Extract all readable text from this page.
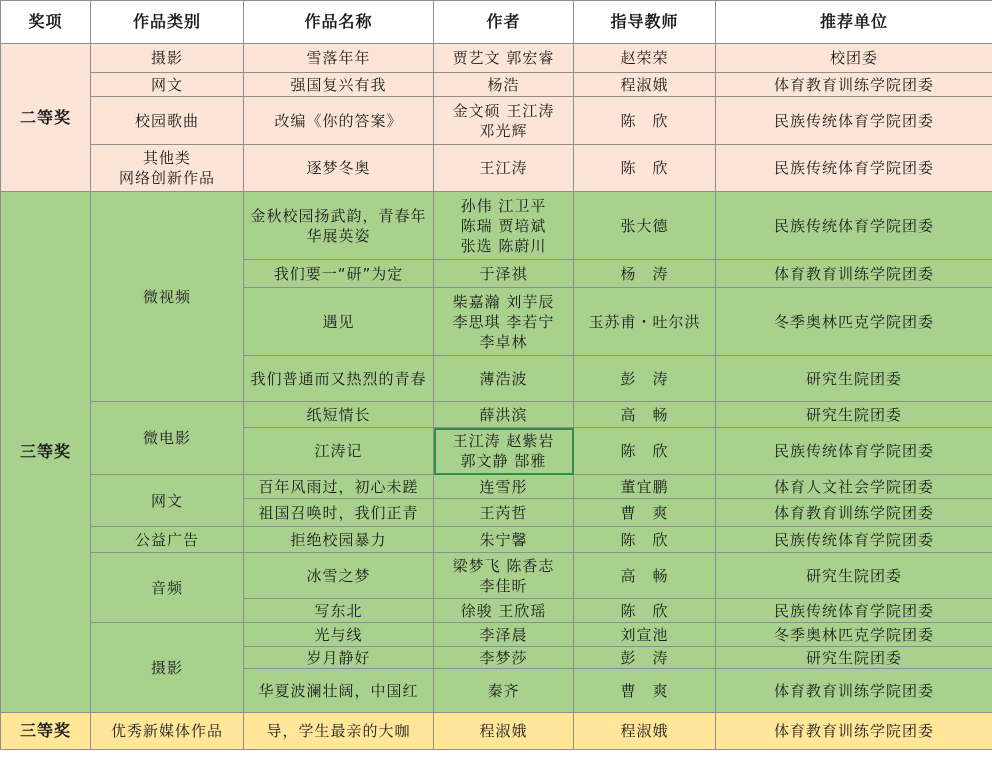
奖项	作品类别	作品名称	作者	指导教师	推荐单位

二等奖	摄影	雪落年年	贾艺文 郭宏睿	赵荣荣	校团委

	网文	强国复兴有我	杨浩	程淑娥	体育教育训练学院团委

	校园歌曲	改编《你的答案》	金文硕 王江涛
邓光辉	陈　欣	民族传统体育学院团委

	其他类
网络创新作品	逐梦冬奥	王江涛	陈　欣	民族传统体育学院团委

三等奖	微视频	金秋校园扬武韵，青春年华展英姿	孙伟 江卫平
陈瑞 贾培斌
张选 陈蔚川	张大德	民族传统体育学院团委

		我们要一“研”为定	于泽祺	杨　涛	体育教育训练学院团委

		遇见	柴嘉瀚 刘芋辰
李思琪 李若宁
李卓林	玉苏甫・吐尔洪	冬季奥林匹克学院团委

		我们普通而又热烈的青春	薄浩波	彭　涛	研究生院团委

	微电影	纸短情长	薛洪滨	高　畅	研究生院团委

		江涛记	王江涛 赵紫岩
郭文静 郜雅	陈　欣	民族传统体育学院团委

	网文	百年风雨过，初心未蹉	连雪彤	董宜鹏	体育人文社会学院团委

		祖国召唤时，我们正青	王芮哲	曹　爽	体育教育训练学院团委

	公益广告	拒绝校园暴力	朱宁馨	陈　欣	民族传统体育学院团委

	音频	冰雪之梦	梁梦飞 陈香志
李佳昕	高　畅	研究生院团委

		写东北	徐骏 王欣瑶	陈　欣	民族传统体育学院团委

	摄影	光与线	李泽晨	刘宣池	冬季奥林匹克学院团委

		岁月静好	李梦莎	彭　涛	研究生院团委

		华夏波澜壮阔，中国红	秦齐	曹　爽	体育教育训练学院团委

三等奖	优秀新媒体作品	导，学生最亲的大咖	程淑娥	程淑娥	体育教育训练学院团委
